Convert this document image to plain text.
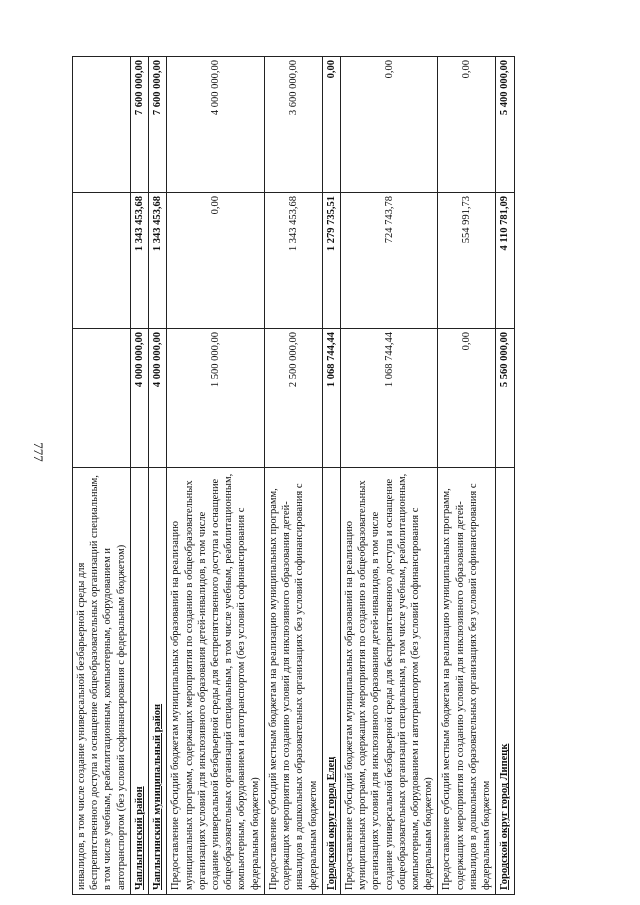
777
инвалидов, в том числе создание универсальной безбарьерной среды для беспрепятственного доступа и оснащение общеобразовательных организаций специальным, в том числе учебным, реабилитационным, компьютерным, оборудованием и автотранспортом (без условий софинансирования с федеральным бюджетом)			
Чаплыгинский район	4 000 000,00	1 343 453,68	7 600 000,00
Чаплыгинский муниципальный район	4 000 000,00	1 343 453,68	7 600 000,00
Предоставление субсидий бюджетам муниципальных образований на реализацию муниципальных программ, содержащих мероприятия по созданию в общеобразовательных организациях условий для инклюзивного образования детей-инвалидов, в том числе создание универсальной безбарьерной среды для беспрепятственного доступа и оснащение общеобразовательных организаций специальным, в том числе учебным, реабилитационным, компьютерным, оборудованием и автотранспортом (без условий софинансирования с федеральным бюджетом)	1 500 000,00	0,00	4 000 000,00
Предоставление субсидий местным бюджетам на реализацию муниципальных программ, содержащих мероприятия по созданию условий для инклюзивного образования детей-инвалидов в дошкольных образовательных организациях без условий софинансирования с федеральным бюджетом	2 500 000,00	1 343 453,68	3 600 000,00
Городской округ город Елец	1 068 744,44	1 279 735,51	0,00
Предоставление субсидий бюджетам муниципальных образований на реализацию муниципальных программ, содержащих мероприятия по созданию в общеобразовательных организациях условий для инклюзивного образования детей-инвалидов, в том числе создание универсальной безбарьерной среды для беспрепятственного доступа и оснащение общеобразовательных организаций специальным, в том числе учебным, реабилитационным, компьютерным, оборудованием и автотранспортом (без условий софинансирования с федеральным бюджетом)	1 068 744,44	724 743,78	0,00
Предоставление субсидий местным бюджетам на реализацию муниципальных программ, содержащих мероприятия по созданию условий для инклюзивного образования детей-инвалидов в дошкольных образовательных организациях без условий софинансирования с федеральным бюджетом	0,00	554 991,73	0,00
Городской округ город Липецк	5 560 000,00	4 110 781,09	5 400 000,00
